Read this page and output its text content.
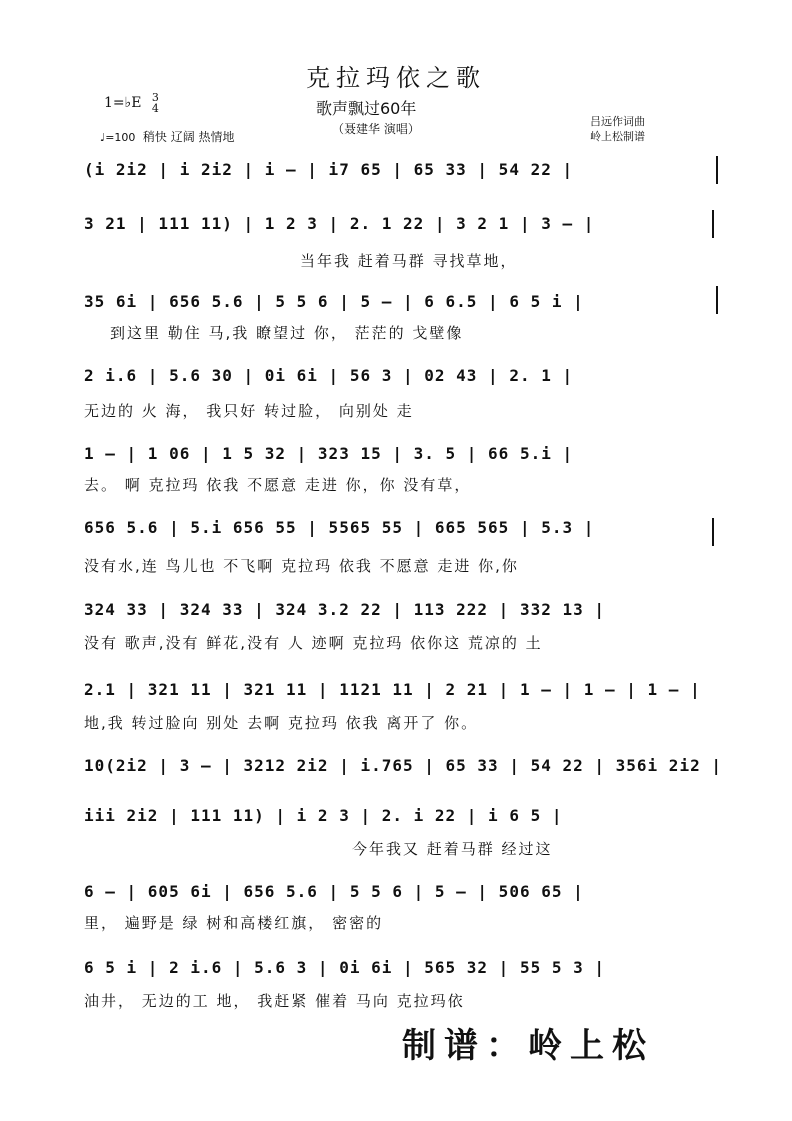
克拉玛依之歌
歌声飘过60年
（聂建华 演唱）
1=♭E 3
4
♩=100 稍快 辽阔 热情地
吕远作词曲
岭上松制谱
(i 2i2 | i 2i2 | i – | i7 65 | 65 33 | 54 22 |
3 21 | 111 11) | 1 2 3 | 2. 1 22 | 3 2 1 | 3 – |
当年我 赶着马群 寻找草地，
35 6i | 656 5.6 | 5 5 6 | 5 – | 6 6.5 | 6 5 i |
到这里 勒住 马,我 瞭望过 你， 茫茫的 戈壁像
2 i.6 | 5.6 30 | 0i 6i | 56 3 | 02 43 | 2. 1 |
无边的 火 海， 我只好 转过脸， 向别处 走
1 – | 1 06 | 1 5 32 | 323 15 | 3. 5 | 66 5.i |
去。 啊 克拉玛 依我 不愿意 走进 你，你 没有草，
656 5.6 | 5.i 656 55 | 5565 55 | 665 565 | 5.3 |
没有水,连 鸟儿也 不飞啊 克拉玛 依我 不愿意 走进 你,你
324 33 | 324 33 | 324 3.2 22 | 113 222 | 332 13 |
没有 歌声,没有 鲜花,没有 人 迹啊 克拉玛 依你这 荒凉的 土
2.1 | 321 11 | 321 11 | 1121 11 | 2 21 | 1 – | 1 – | 1 – |
地,我 转过脸向 别处 去啊 克拉玛 依我 离开了 你。
10(2i2 | 3 – | 3212 2i2 | i.765 | 65 33 | 54 22 | 356i 2i2 |
iii 2i2 | 111 11) | i 2 3 | 2. i 22 | i 6 5 |
今年我又 赶着马群 经过这
6 – | 605 6i | 656 5.6 | 5 5 6 | 5 – | 506 65 |
里， 遍野是 绿 树和高楼红旗， 密密的
6 5 i | 2 i.6 | 5.6 3 | 0i 6i | 565 32 | 55 5 3 |
油井， 无边的工 地， 我赶紧 催着 马向 克拉玛依
制谱：岭上松
